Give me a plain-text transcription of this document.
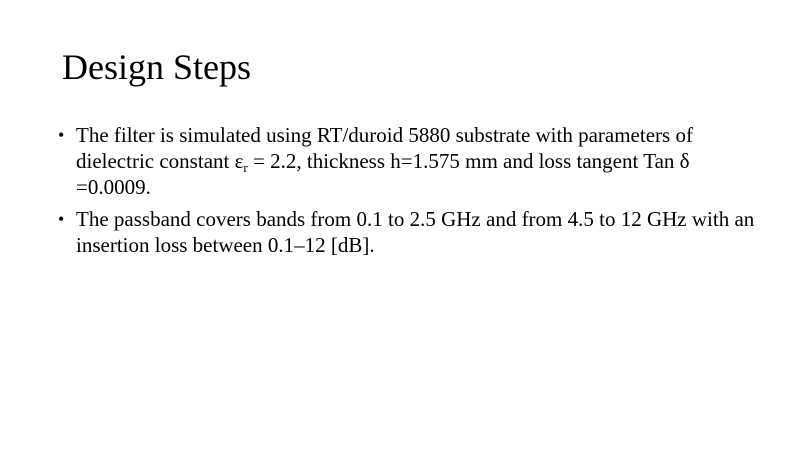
Design Steps
• The filter is simulated using RT/duroid 5880 substrate with parameters of dielectric constant $\varepsilon_r = 2.2$, thickness h=1.575 mm and loss tangent Tan δ =0.0009.
• The passband covers bands from 0.1 to 2.5 GHz and from 4.5 to 12 GHz with an insertion loss between 0.1–12 [dB].
